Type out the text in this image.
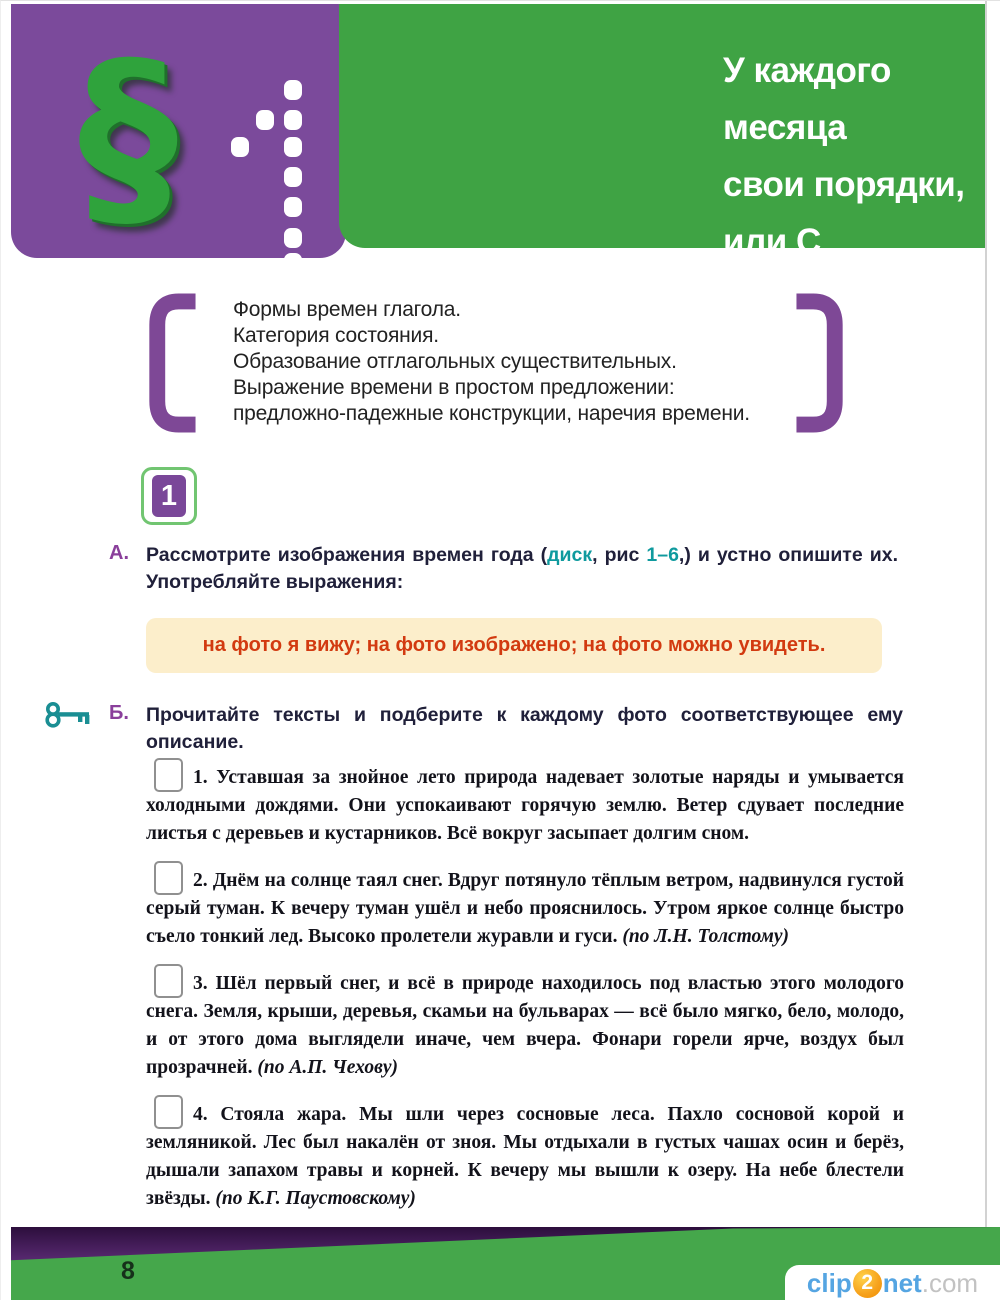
§	У каждого месяца
свои порядки,
или С природой
не поспоришь
Формы времен глагола.
Категория состояния.
Образование отглагольных существительных.
Выражение времени в простом предложении:
предложно-падежные конструкции, наречия времени.
1
А. Рассмотрите изображения времен года (диск, рис 1–6,) и устно опишите их.
Употребляйте выражения:
на фото я вижу; на фото изображено; на фото можно увидеть.
Б. Прочитайте тексты и подберите к каждому фото соответствующее ему описание.

1. Уставшая за знойное лето природа надевает золотые наряды и умывается холодными дождями. Они успокаивают горячую землю. Ветер сдувает последние листья с деревьев и кустарников. Всё вокруг засыпает долгим сном.

2. Днём на солнце таял снег. Вдруг потянуло тёплым ветром, надвинулся густой серый туман. К вечеру туман ушёл и небо прояснилось. Утром яркое солнце быстро съело тонкий лед. Высоко пролетели журавли и гуси. (по Л.Н. Толстому)

3. Шёл первый снег, и всё в природе находилось под властью этого молодого снега. Земля, крыши, деревья, скамьи на бульварах — всё было мягко, бело, молодо, и от этого дома выглядели иначе, чем вчера. Фонари горели ярче, воздух был прозрачней. (по А.П. Чехову)

4. Стояла жара. Мы шли через сосновые леса. Пахло сосновой корой и земляникой. Лес был накалён от зноя. Мы отдыхали в густых чашах осин и берёз, дышали запахом травы и корней. К вечеру мы вышли к озеру. На небе блестели звёзды. (по К.Г. Паустовскому)

8	clip 2 net .com
